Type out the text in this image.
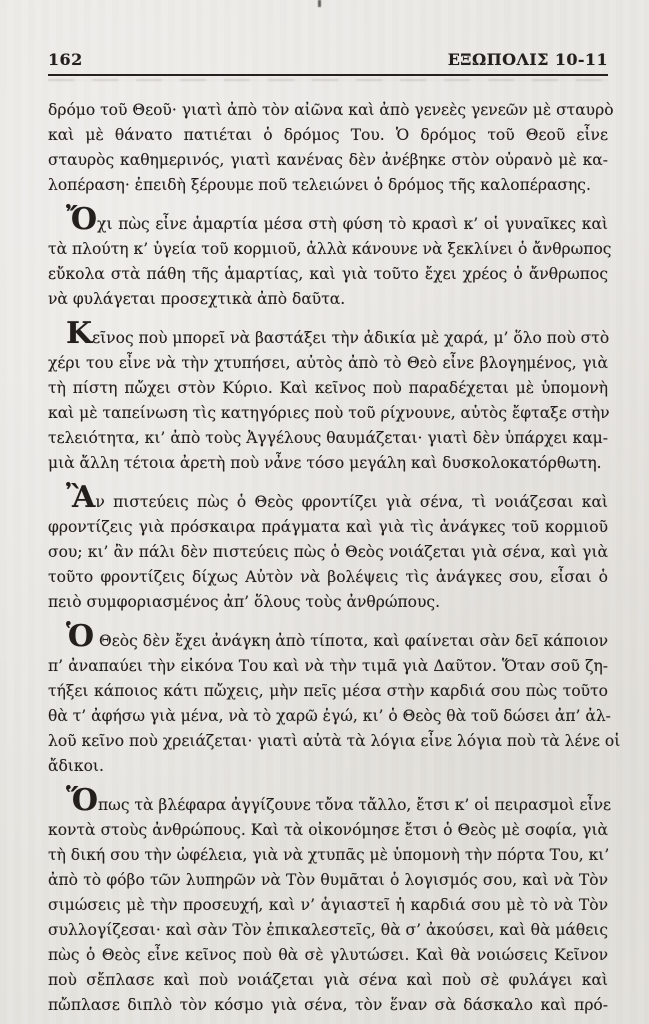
162	ΕΞΩΠΟΛΙΣ 10-11
δρόμο τοῦ Θεοῦ· γιατὶ ἀπὸ τὸν αἰῶνα καὶ ἀπὸ γενεὲς γενεῶν μὲ σταυρὸ
καὶ μὲ θάνατο πατιέται ὁ δρόμος Του. Ὁ δρόμος τοῦ Θεοῦ εἶνε
σταυρὸς καθημερινός, γιατὶ κανένας δὲν ἀνέβηκε στὸν οὐρανὸ μὲ κα-
λοπέραση· ἐπειδὴ ξέρουμε ποῦ τελειώνει ὁ δρόμος τῆς καλοπέρασης.
Ὄχι πὼς εἶνε ἁμαρτία μέσα στὴ φύση τὸ κρασὶ κ’ οἱ γυναῖκες καὶ
τὰ πλούτη κ’ ὑγεία τοῦ κορμιοῦ, ἀλλὰ κάνουνε νὰ ξεκλίνει ὁ ἄνθρωπος
εὔκολα στὰ πάθη τῆς ἁμαρτίας, καὶ γιὰ τοῦτο ἔχει χρέος ὁ ἄνθρωπος
νὰ φυλάγεται προσεχτικὰ ἀπὸ δαῦτα.
Κεῖνος ποὺ μπορεῖ νὰ βαστάξει τὴν ἀδικία μὲ χαρά, μ’ ὅλο ποὺ στὸ
χέρι του εἶνε νὰ τὴν χτυπήσει, αὐτὸς ἀπὸ τὸ Θεὸ εἶνε βλογημένος, γιὰ
τὴ πίστη πὤχει στὸν Κύριο. Καὶ κεῖνος ποὺ παραδέχεται μὲ ὑπομονὴ
καὶ μὲ ταπείνωση τὶς κατηγόριες ποὺ τοῦ ρίχνουνε, αὐτὸς ἔφταξε στὴν
τελειότητα, κι’ ἀπὸ τοὺς Ἀγγέλους θαυμάζεται· γιατὶ δὲν ὑπάρχει καμ-
μιὰ ἄλλη τέτοια ἀρετὴ ποὺ νἆνε τόσο μεγάλη καὶ δυσκολοκατόρθωτη.
Ἂν πιστεύεις πὼς ὁ Θεὸς φροντίζει γιὰ σένα, τὶ νοιάζεσαι καὶ
φροντίζεις γιὰ πρόσκαιρα πράγματα καὶ γιὰ τὶς ἀνάγκες τοῦ κορμιοῦ
σου; κι’ ἂν πάλι δὲν πιστεύεις πὼς ὁ Θεὸς νοιάζεται γιὰ σένα, καὶ γιὰ
τοῦτο φροντίζεις δίχως Αὐτὸν νὰ βολέψεις τὶς ἀνάγκες σου, εἶσαι ὁ
πειὸ συμφοριασμένος ἀπ’ ὅλους τοὺς ἀνθρώπους.
Ὁ Θεὸς δὲν ἔχει ἀνάγκη ἀπὸ τίποτα, καὶ φαίνεται σὰν δεῖ κάποιον
π’ ἀναπαύει τὴν εἰκόνα Του καὶ νὰ τὴν τιμᾶ γιὰ Δαῦτον. Ὅταν σοῦ ζη-
τήξει κάποιος κάτι πὤχεις, μὴν πεῖς μέσα στὴν καρδιά σου πὼς τοῦτο
θὰ τ’ ἀφήσω γιὰ μένα, νὰ τὸ χαρῶ ἐγώ, κι’ ὁ Θεὸς θὰ τοῦ δώσει ἀπ’ ἀλ-
λοῦ κεῖνο ποὺ χρειάζεται· γιατὶ αὐτὰ τὰ λόγια εἶνε λόγια ποὺ τὰ λένε οἱ
ἄδικοι.
Ὅπως τὰ βλέφαρα ἀγγίζουνε τὄνα τἄλλο, ἔτσι κ’ οἱ πειρασμοὶ εἶνε
κοντὰ στοὺς ἀνθρώπους. Καὶ τὰ οἰκονόμησε ἔτσι ὁ Θεὸς μὲ σοφία, γιὰ
τὴ δική σου τὴν ὠφέλεια, γιὰ νὰ χτυπᾶς μὲ ὑπομονὴ τὴν πόρτα Του, κι’
ἀπὸ τὸ φόβο τῶν λυπηρῶν νὰ Τὸν θυμᾶται ὁ λογισμός σου, καὶ νὰ Τὸν
σιμώσεις μὲ τὴν προσευχή, καὶ ν’ ἁγιαστεῖ ἡ καρδιά σου μὲ τὸ νὰ Τὸν
συλλογίζεσαι· καὶ σὰν Τὸν ἐπικαλεστεῖς, θὰ σ’ ἀκούσει, καὶ θὰ μάθεις
πὼς ὁ Θεὸς εἶνε κεῖνος ποὺ θὰ σὲ γλυτώσει. Καὶ θὰ νοιώσεις Κεῖνον
ποὺ σἔπλασε καὶ ποὺ νοιάζεται γιὰ σένα καὶ ποὺ σὲ φυλάγει καὶ
πὤπλασε διπλὸ τὸν κόσμο γιὰ σένα, τὸν ἕναν σὰ δάσκαλο καὶ πρό-
